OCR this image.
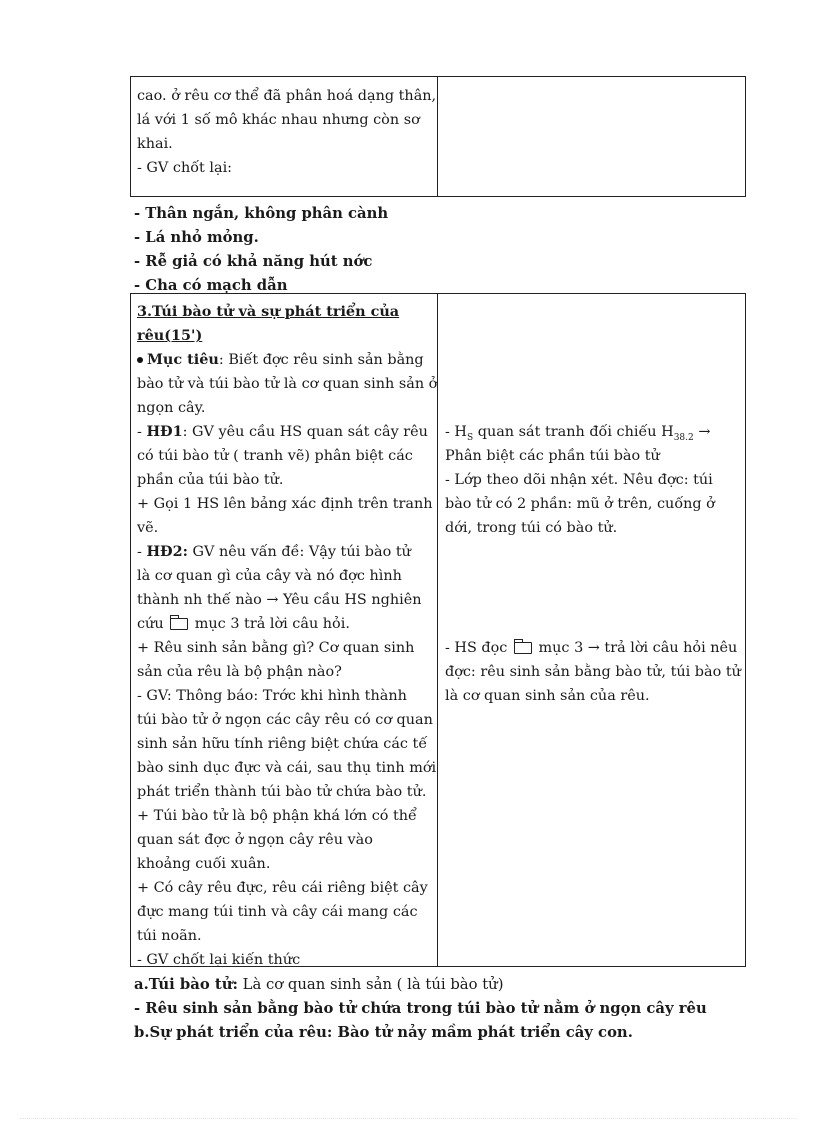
cao. ở rêu cơ thể đã phân hoá dạng thân,
lá với 1 số mô khác nhau nhưng còn sơ
khai.
- GV chốt lại:
- Thân ngắn, không phân cành
- Lá nhỏ mỏng.
- Rễ giả có khả năng hút nớc
- Cha có mạch dẫn
3.Túi bào tử và sự phát triển của
rêu(15')
Mục tiêu: Biết đợc rêu sinh sản bằng
bào tử và túi bào tử là cơ quan sinh sản ở
ngọn cây.
- HĐ1: GV yêu cầu HS quan sát cây rêu
có túi bào tử ( tranh vẽ) phân biệt các
phần của túi bào tử.
+ Gọi 1 HS lên bảng xác định trên tranh
vẽ.
- HĐ2: GV nêu vấn đề: Vậy túi bào tử
là cơ quan gì của cây và nó đợc hình
thành nh thế nào → Yêu cầu HS nghiên
cứu mục 3 trả lời câu hỏi.
+ Rêu sinh sản bằng gì? Cơ quan sinh
sản của rêu là bộ phận nào?
- GV: Thông báo: Trớc khi hình thành
túi bào tử ở ngọn các cây rêu có cơ quan
sinh sản hữu tính riêng biệt chứa các tế
bào sinh dục đực và cái, sau thụ tinh mới
phát triển thành túi bào tử chứa bào tử.
+ Túi bào tử là bộ phận khá lớn có thể
quan sát đợc ở ngọn cây rêu vào
khoảng cuối xuân.
+ Có cây rêu đực, rêu cái riêng biệt cây
đực mang túi tinh và cây cái mang các
túi noãn.
- GV chốt lại kiến thức
- $H_S$ quan sát tranh đối chiếu $H_{38.2}$ →
Phân biệt các phần túi bào tử
- Lớp theo dõi nhận xét. Nêu đợc: túi
bào tử có 2 phần: mũ ở trên, cuống ở
dới, trong túi có bào tử.
- HS đọc mục 3 → trả lời câu hỏi nêu
đợc: rêu sinh sản bằng bào tử, túi bào tử
là cơ quan sinh sản của rêu.
a.Túi bào tử: Là cơ quan sinh sản ( là túi bào tử)
- Rêu sinh sản bằng bào tử chứa trong túi bào tử nằm ở ngọn cây rêu
b.Sự phát triển của rêu: Bào tử nảy mầm phát triển cây con.
